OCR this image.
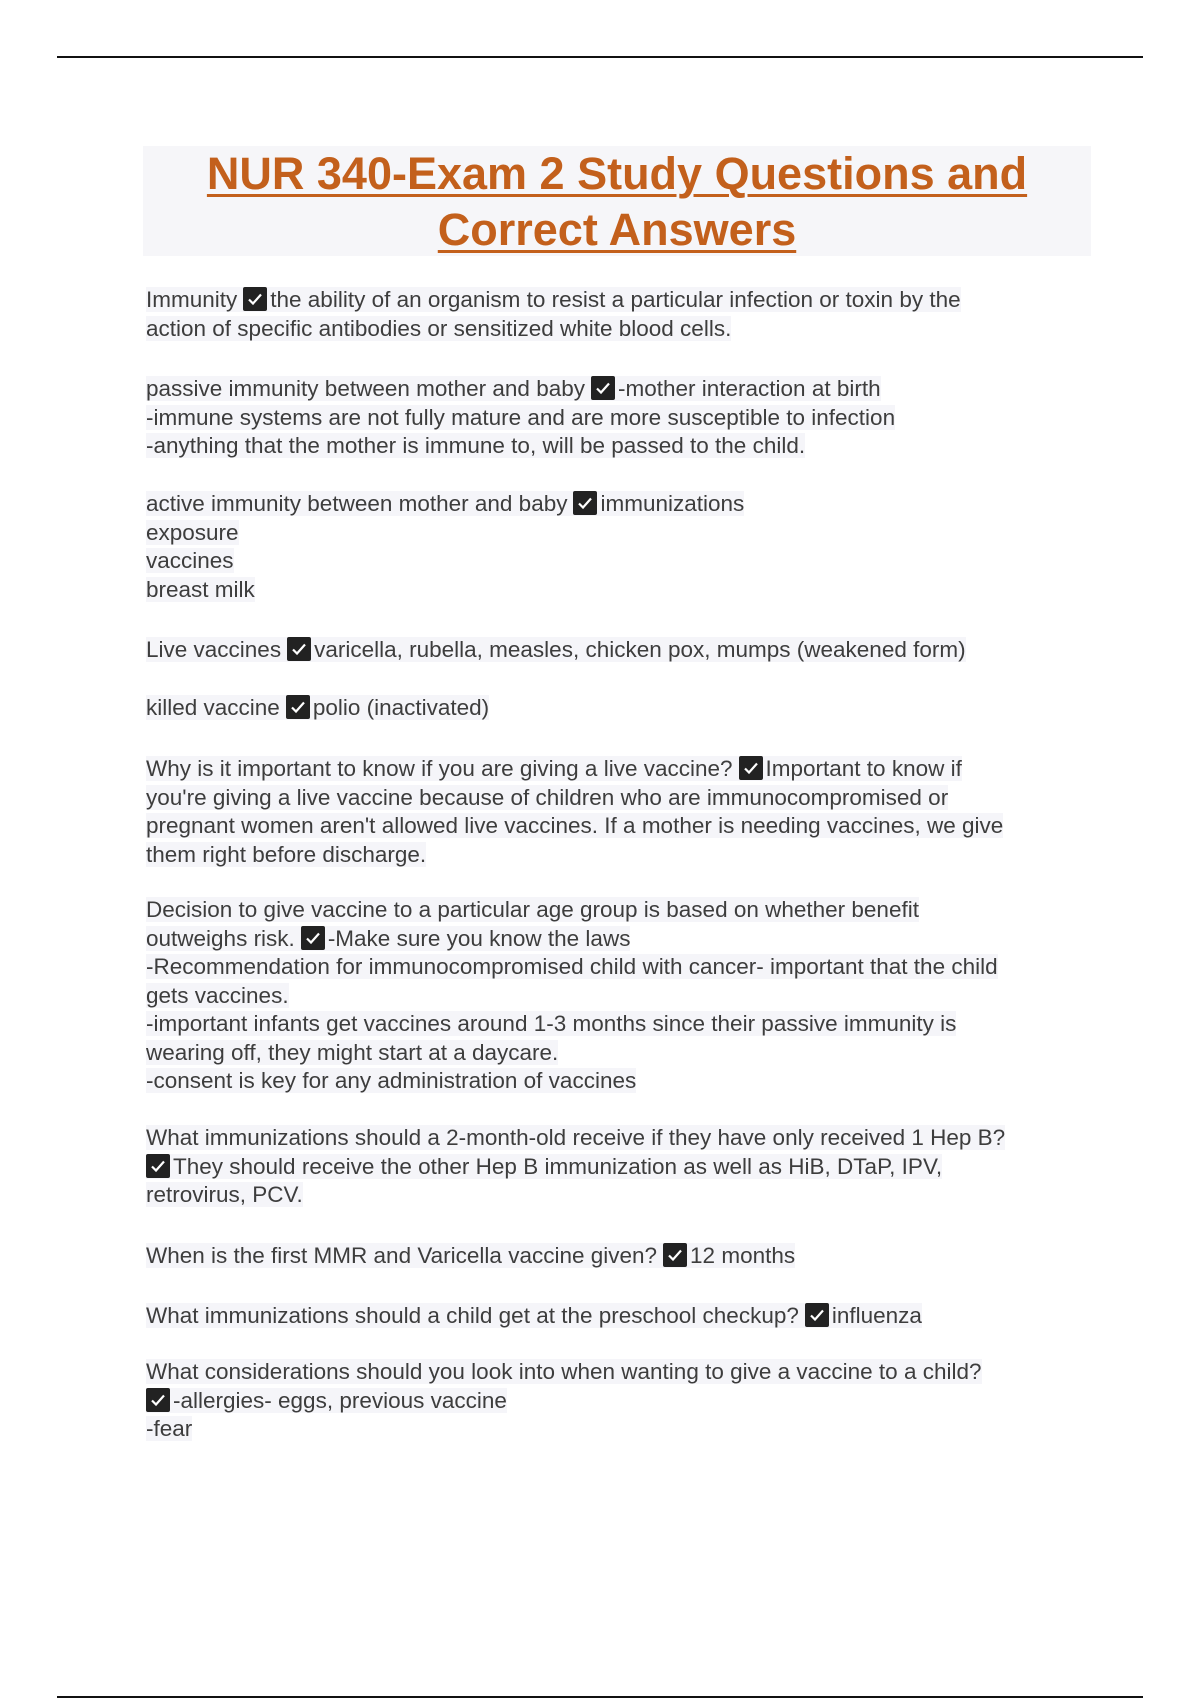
NUR 340-Exam 2 Study Questions and
Correct Answers
Immunity the ability of an organism to resist a particular infection or toxin by the
action of specific antibodies or sensitized white blood cells.
passive immunity between mother and baby -mother interaction at birth
-immune systems are not fully mature and are more susceptible to infection
-anything that the mother is immune to, will be passed to the child.
active immunity between mother and baby immunizations
exposure
vaccines
breast milk
Live vaccines varicella, rubella, measles, chicken pox, mumps (weakened form)
killed vaccine polio (inactivated)
Why is it important to know if you are giving a live vaccine? Important to know if
you're giving a live vaccine because of children who are immunocompromised or
pregnant women aren't allowed live vaccines. If a mother is needing vaccines, we give
them right before discharge.
Decision to give vaccine to a particular age group is based on whether benefit
outweighs risk. -Make sure you know the laws
-Recommendation for immunocompromised child with cancer- important that the child
gets vaccines.
-important infants get vaccines around 1-3 months since their passive immunity is
wearing off, they might start at a daycare.
-consent is key for any administration of vaccines
What immunizations should a 2-month-old receive if they have only received 1 Hep B?
They should receive the other Hep B immunization as well as HiB, DTaP, IPV,
retrovirus, PCV.
When is the first MMR and Varicella vaccine given? 12 months
What immunizations should a child get at the preschool checkup? influenza
What considerations should you look into when wanting to give a vaccine to a child?
-allergies- eggs, previous vaccine
-fear
